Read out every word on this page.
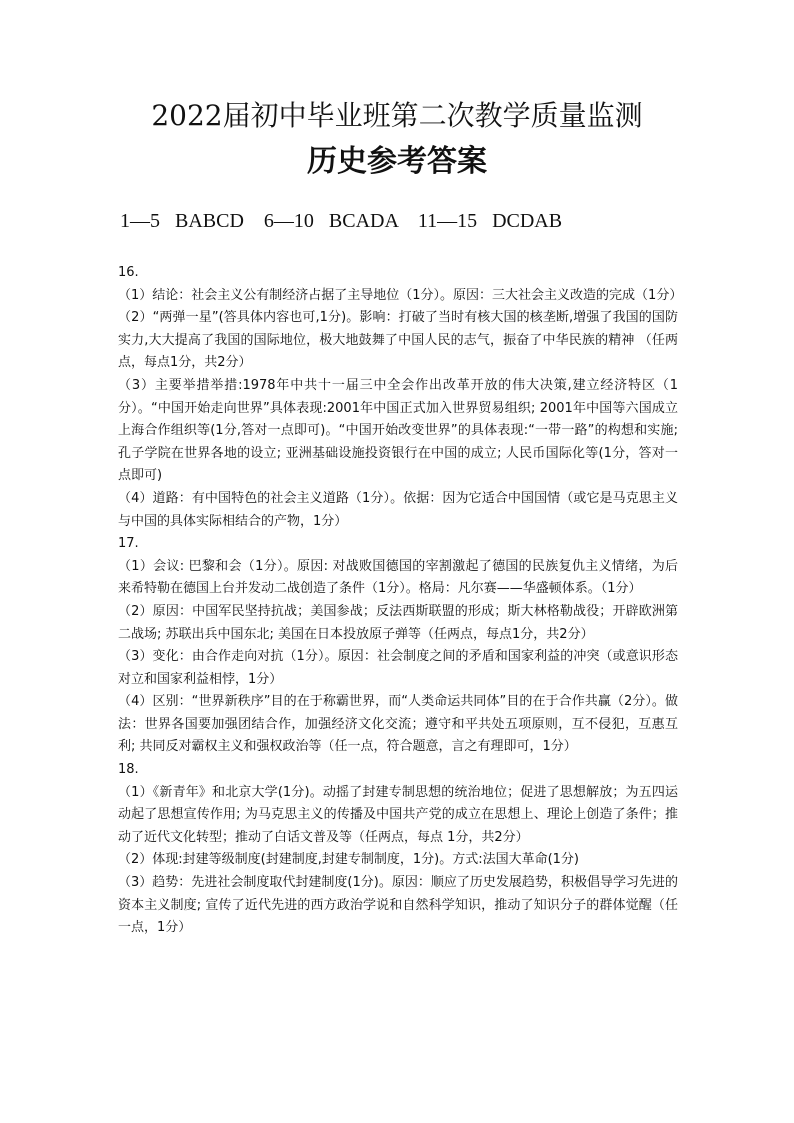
2022届初中毕业班第二次教学质量监测
历史参考答案
1—5   BABCD    6—10   BCADA    11—15   DCDAB
16.

（1）结论：社会主义公有制经济占据了主导地位（1分）。原因：三大社会主义改造的完成（1分）

（2）“两弹一星”(答具体内容也可,1分)。影响：打破了当时有核大国的核垄断,增强了我国的国防实力,大大提高了我国的国际地位，极大地鼓舞了中国人民的志气，振奋了中华民族的精神 （任两点，每点1分，共2分）

（3）主要举措举措:1978年中共十一届三中全会作出改革开放的伟大决策,建立经济特区（1分）。“中国开始走向世界”具体表现:2001年中国正式加入世界贸易组织; 2001年中国等六国成立上海合作组织等(1分,答对一点即可)。“中国开始改变世界”的具体表现:“一带一路”的构想和实施; 孔子学院在世界各地的设立; 亚洲基础设施投资银行在中国的成立; 人民币国际化等(1分，答对一点即可)

（4）道路：有中国特色的社会主义道路（1分）。依据：因为它适合中国国情（或它是马克思主义与中国的具体实际相结合的产物，1分）

17.

（1）会议: 巴黎和会（1分）。原因: 对战败国德国的宰割激起了德国的民族复仇主义情绪，为后来希特勒在德国上台并发动二战创造了条件（1分）。格局：凡尔赛——华盛顿体系。（1分）

（2）原因：中国军民坚持抗战；美国参战；反法西斯联盟的形成；斯大林格勒战役；开辟欧洲第二战场; 苏联出兵中国东北; 美国在日本投放原子弹等（任两点，每点1分，共2分）

（3）变化：由合作走向对抗（1分）。原因：社会制度之间的矛盾和国家利益的冲突（或意识形态对立和国家利益相悖，1分）

（4）区别：“世界新秩序”目的在于称霸世界，而“人类命运共同体”目的在于合作共赢（2分）。做法：世界各国要加强团结合作，加强经济文化交流；遵守和平共处五项原则，互不侵犯，互惠互利; 共同反对霸权主义和强权政治等（任一点，符合题意，言之有理即可，1分）

18.

（1）《新青年》和北京大学(1分)。动摇了封建专制思想的统治地位；促进了思想解放；为五四运动起了思想宣传作用; 为马克思主义的传播及中国共产党的成立在思想上、理论上创造了条件；推动了近代文化转型；推动了白话文普及等（任两点，每点 1分，共2分）

（2）体现:封建等级制度(封建制度,封建专制制度，1分)。方式:法国大革命(1分)

（3）趋势：先进社会制度取代封建制度(1分)。原因：顺应了历史发展趋势，积极倡导学习先进的资本主义制度; 宣传了近代先进的西方政治学说和自然科学知识，推动了知识分子的群体觉醒（任一点，1分）
